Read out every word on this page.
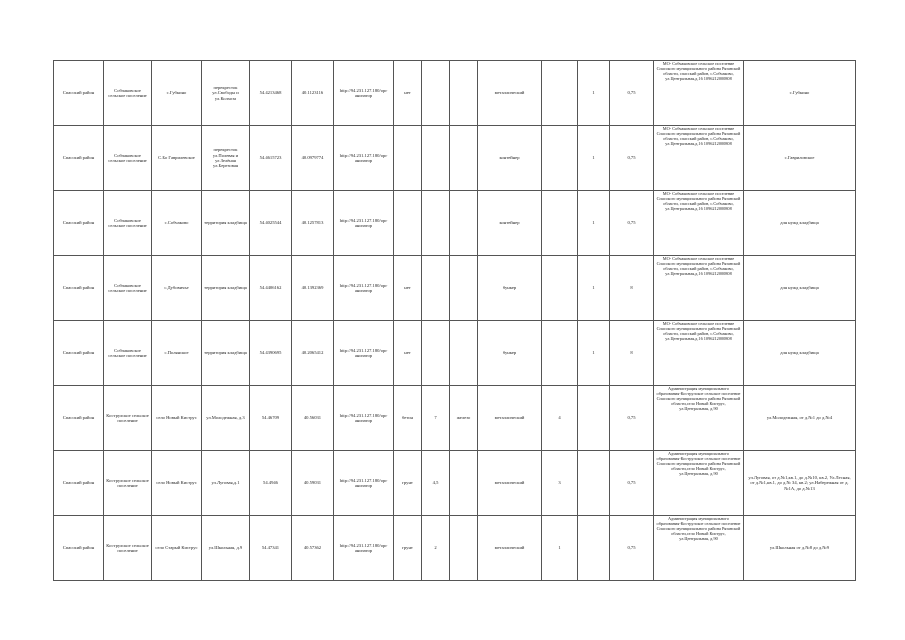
Спасский район	Собчаковское сельское поселение	с.Губкино	перекресток ул.Свободы и ул.Колхоза	54.4213468	40.1123116	http://94.231.127.180/орг анизатор	нет			металлический		1	0,75	МО- Собчаковское сельское поселение Спасского муниципального района Рязанской области, спасский район, с.Собчаково, ул.Центральная,д.16 1096212000808	с.Губкино
Спасский район	Собчаковское сельское поселение	С.Бо Гаврилевское	перекресток ул.Полевая и ул.Зелёная ул.Березовая	54.4615723	40.0979774	http://94.231.127.180/орг анизатор				контейнер		1	0,75	МО- Собчаковское сельское поселение Спасского муниципального района Рязанской области, спасский район, с.Собчаково, ул.Центральная,д.16 1096212000808	с.Гавриловское
Спасский район	Собчаковское сельское поселение	с.Собчаково	территория кладбища	54.4025544	40.1257813	http://94.231.127.180/орг анизатор				контейнер		1	0,75	МО- Собчаковское сельское поселение Спасского муниципального района Рязанской области, спасский район, с.Собчаково, ул.Центральная,д.16 1096212000808	для нужд кладбища
Спасский район	Собчаковское сельское поселение	с.Дубовичье	территория кладбища	54.4406162	40.1392369	http://94.231.127.180/орг анизатор	нет			бункер		1	8	МО- Собчаковское сельское поселение Спасского муниципального района Рязанской области, спасский район, с.Собчаково, ул.Центральная,д.16 1096212000808	для нужд кладбища
Спасский район	Собчаковское сельское поселение	с.Полянское	территория кладбища	54.4390695	40.2065412	http://94.231.127.180/орг анизатор	нет			бункер		1	8	МО- Собчаковское сельское поселение Спасского муниципального района Рязанской области, спасский район, с.Собчаково, ул.Центральная,д.16 1096212000808	для нужд кладбища
Спасский район	Кострулское сельское поселение	село Новый Киструс	ул.Молодежная, д.3	54.46709	40.56031	http://94.231.127.180/орг анизатор	бетон	7	железо	металлический	4		0,75	Администрация муниципального образования-Кострулское сельское поселение Спасского муниципального района Рязанской области,село Новый Киструс, ул.Центральная, д.90	ул.Молодежная, от д.№1 до д.№4
Спасский район	Кострулское сельское поселение	село Новый Киструс	ул.Луговая,д.1	54.4946	40.59031	http://94.231.127.180/орг анизатор	грунт	4,5		металлический	3		0,75	Администрация муниципального образования-Кострулское сельское поселение Спасского муниципального района Рязанской области,село Новый Киструс, ул.Центральная, д.90	ул.Луговая, от д.№1,кв.1, до д.№10, кв.2, Ул.Лесная, от д.№1,кв.1, до д.№ 34, кв.2; ул.Набережная от д.№1А, до д.№13
Спасский район	Кострулское сельское поселение	село Старый Киструс	ул.Школьная, д.9	54.47341	40.57362	http://94.231.127.180/орг анизатор	грунт	2		металлический	1		0,75	Администрация муниципального образования-Кострулское сельское поселение Спасского муниципального района Рязанской области,село Новый Киструс, ул.Центральная, д.90	ул.Школьная от д.№8 до д.№9
